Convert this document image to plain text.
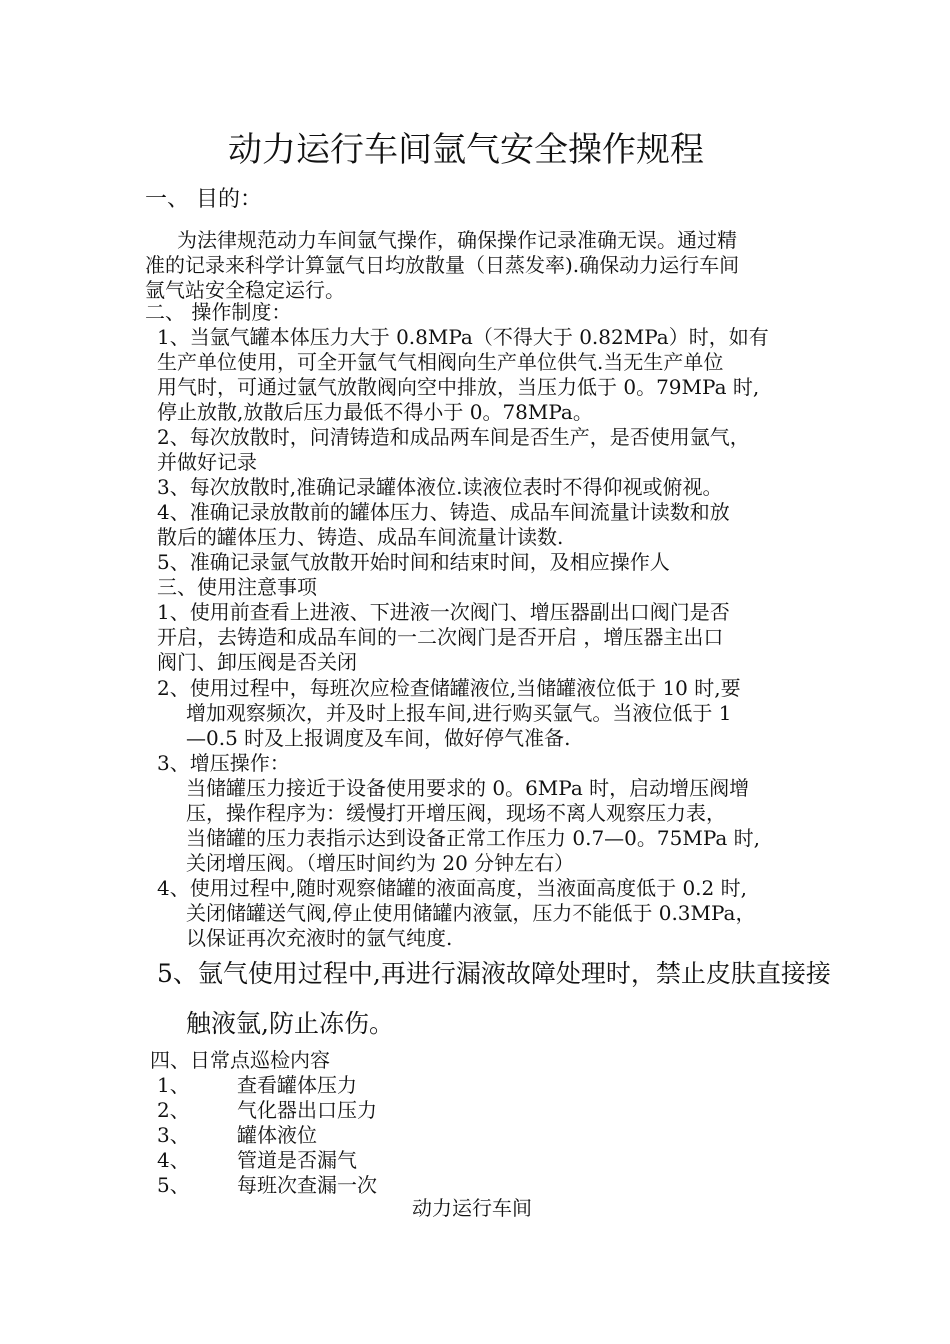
动力运行车间氩气安全操作规程
一、 目的：
为法律规范动力车间氩气操作，确保操作记录准确无误。通过精
准的记录来科学计算氩气日均放散量（日蒸发率).确保动力运行车间
氩气站安全稳定运行。
二、 操作制度：
1、当氩气罐本体压力大于 0.8MPa（不得大于 0.82MPa）时，如有
生产单位使用，可全开氩气气相阀向生产单位供气.当无生产单位
用气时，可通过氩气放散阀向空中排放，当压力低于 0。79MPa 时,
停止放散,放散后压力最低不得小于 0。78MPa。
2、每次放散时，问清铸造和成品两车间是否生产，是否使用氩气，
并做好记录
3、每次放散时,准确记录罐体液位.读液位表时不得仰视或俯视。
4、准确记录放散前的罐体压力、铸造、成品车间流量计读数和放
散后的罐体压力、铸造、成品车间流量计读数.
5、准确记录氩气放散开始时间和结束时间，及相应操作人
三、使用注意事项
1、使用前查看上进液、下进液一次阀门、增压器副出口阀门是否
开启，去铸造和成品车间的一二次阀门是否开启 ，增压器主出口
阀门、卸压阀是否关闭
2、使用过程中，每班次应检查储罐液位,当储罐液位低于 10 时,要
增加观察频次，并及时上报车间,进行购买氩气。当液位低于 1
—0.5 时及上报调度及车间，做好停气准备.
3、增压操作：
当储罐压力接近于设备使用要求的 0。6MPa 时，启动增压阀增
压，操作程序为：缓慢打开增压阀，现场不离人观察压力表，
当储罐的压力表指示达到设备正常工作压力 0.7—0。75MPa 时,
关闭增压阀。（增压时间约为 20 分钟左右）
4、使用过程中,随时观察储罐的液面高度，当液面高度低于 0.2 时,
关闭储罐送气阀,停止使用储罐内液氩，压力不能低于 0.3MPa，
以保证再次充液时的氩气纯度.
5、氩气使用过程中,再进行漏液故障处理时，禁止皮肤直接接
触液氩,防止冻伤。
四、日常点巡检内容
1、 查看罐体压力
2、 气化器出口压力
3、 罐体液位
4、 管道是否漏气
5、 每班次查漏一次
动力运行车间
